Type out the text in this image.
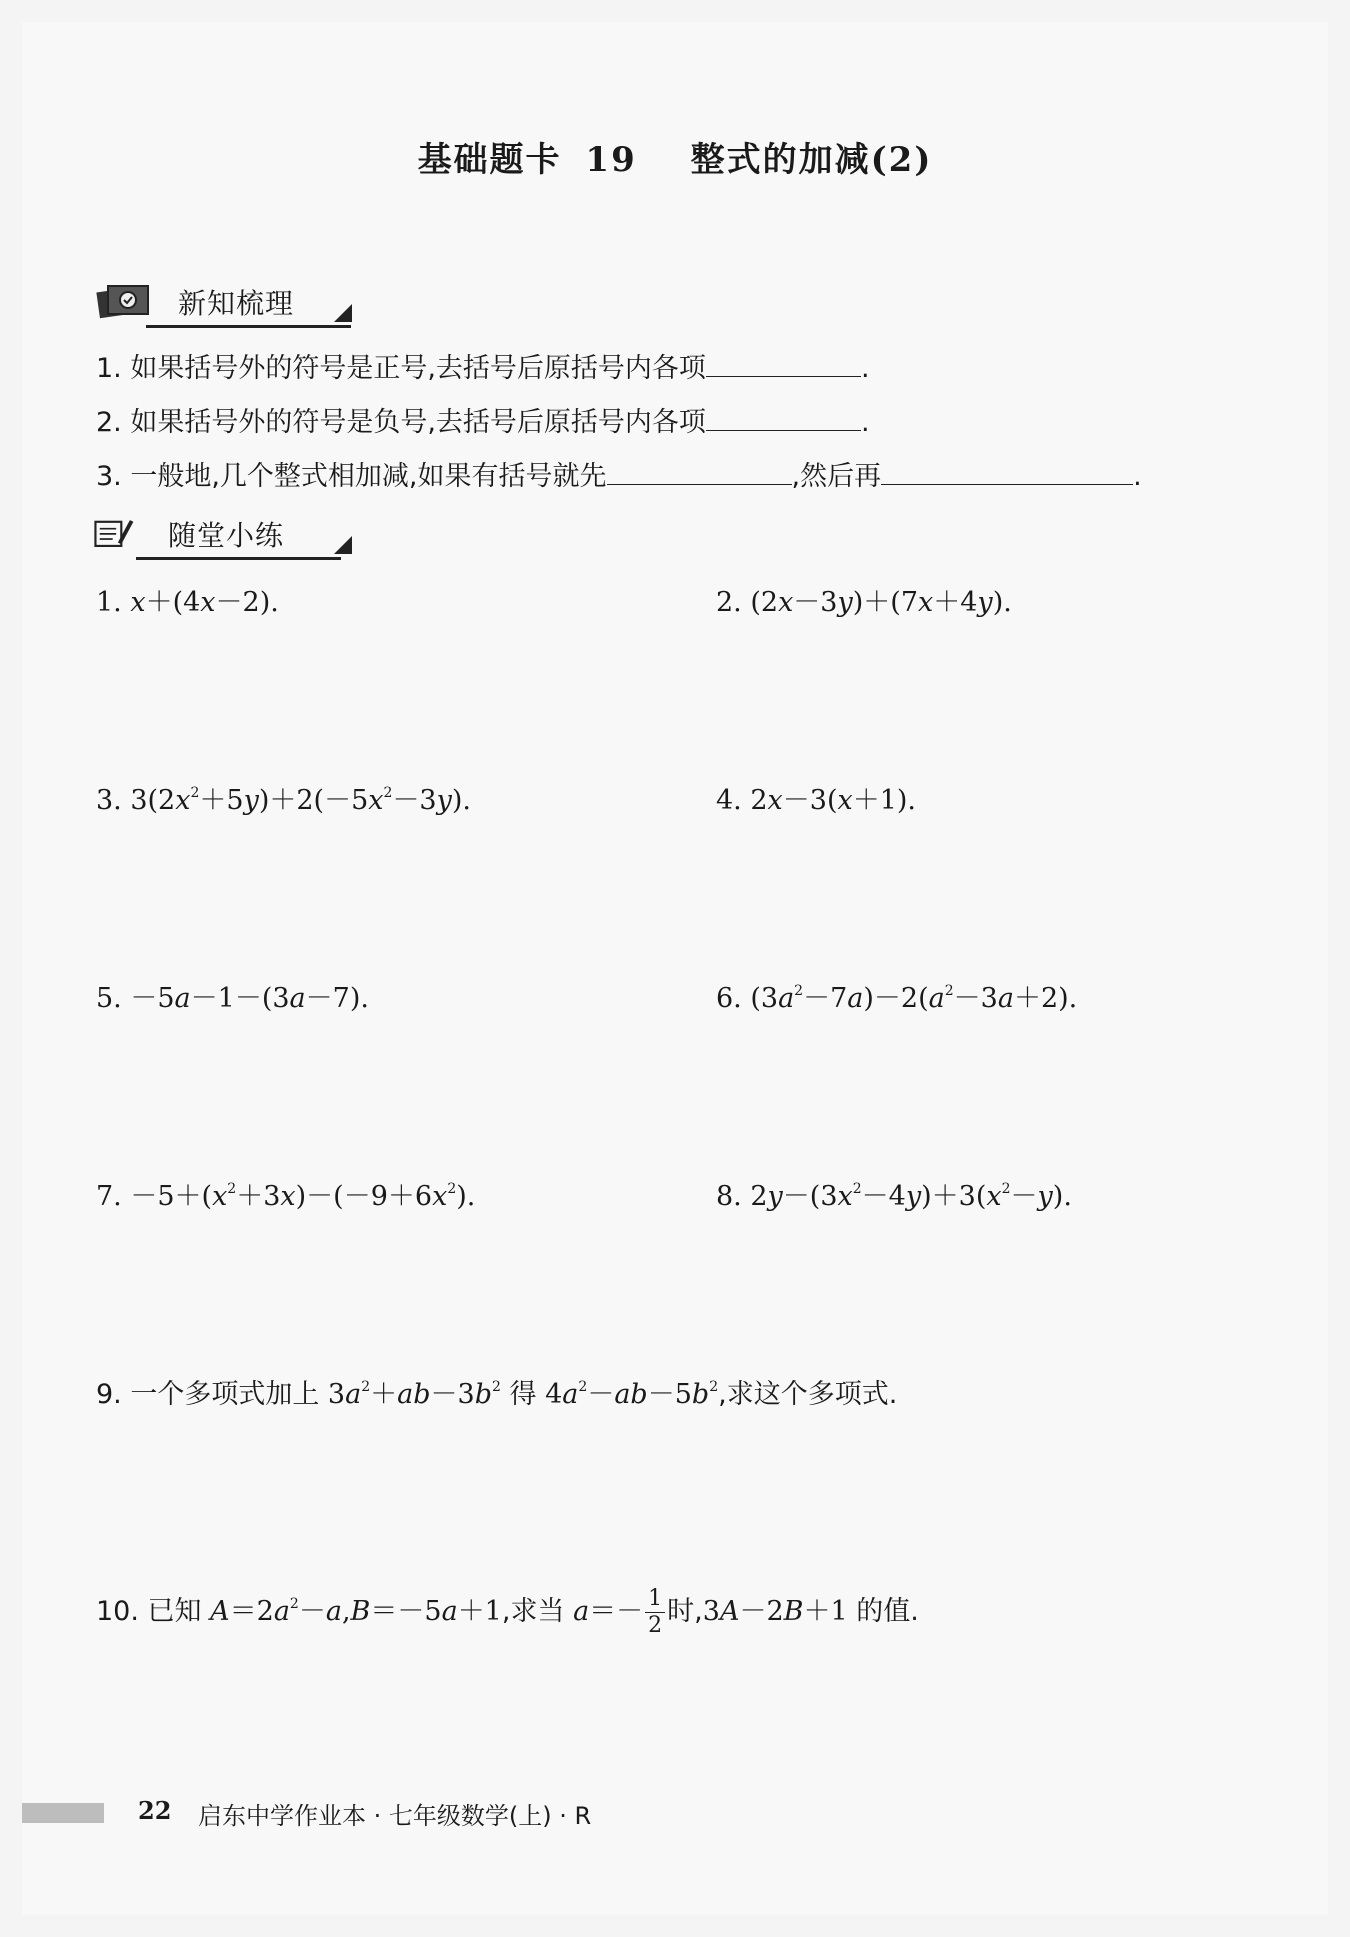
基础题卡 19 整式的加减(2)
新知梳理
1. 如果括号外的符号是正号,去括号后原括号内各项	.
2. 如果括号外的符号是负号,去括号后原括号内各项	.
3. 一般地,几个整式相加减,如果有括号就先	,然后再	.
随堂小练
1. x＋(4x－2).	2. (2x－3y)＋(7x＋4y).
3. $3(2x^2+5y)+2(-5x^2-3y)$.	4. 2x－3(x＋1).
5. －5a－1－(3a－7).	6. $(3a^2-7a)-2(a^2-3a+2)$.
7. $-5+(x^2+3x)-(-9+6x^2)$.	8. $2y-(3x^2-4y)+3(x^2-y)$.
9. 一个多项式加上 $3a^2+ab-3b^2$ 得 $4a^2-ab-5b^2$,求这个多项式.
10. 已知 $A=2a^2-a,B=-5a+1$,求当 $a=- \frac{1}{2}$ 时,3A－2B＋1 的值.
22 启东中学作业本 · 七年级数学(上) · R
